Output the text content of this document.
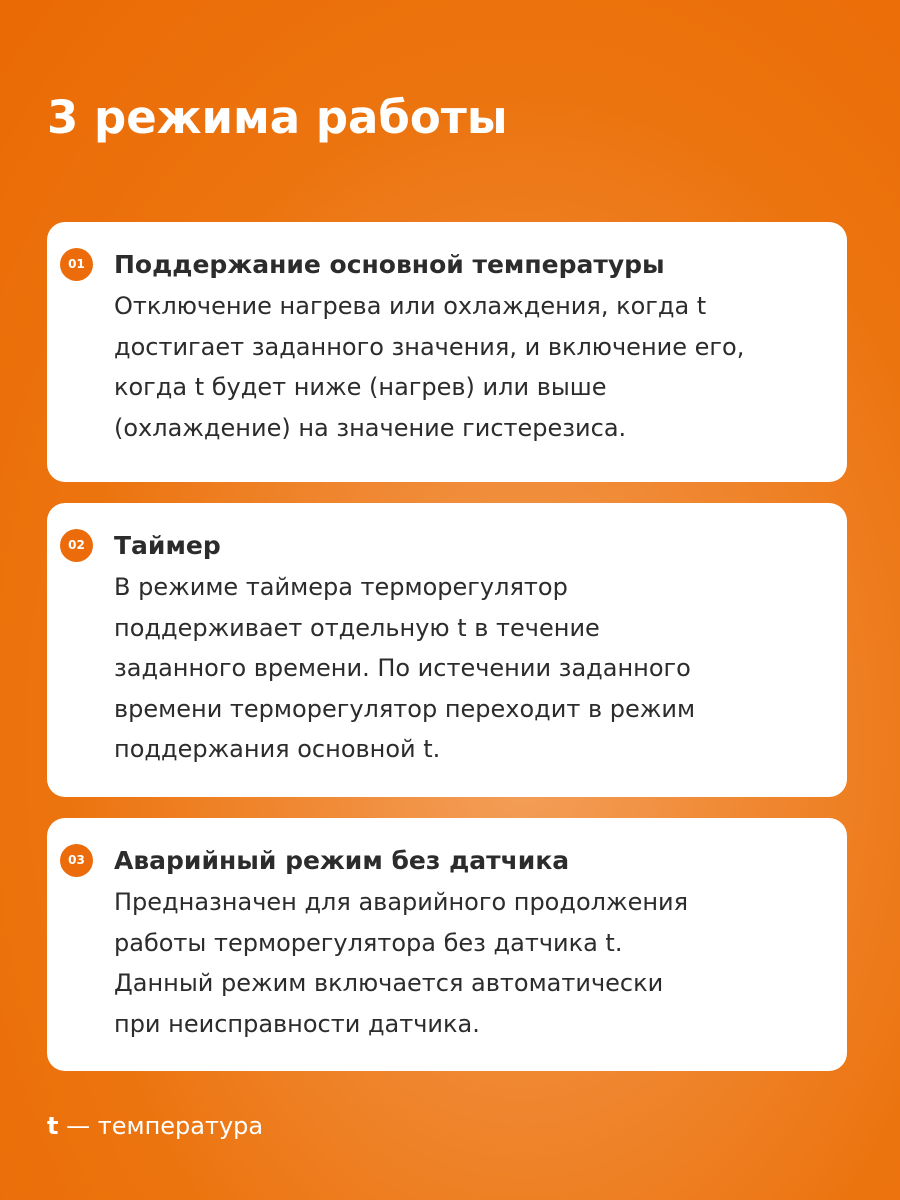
3 режима работы
01	Поддержание основной температуры

Отключение нагрева или охлаждения, когда t
достигает заданного значения, и включение его,
когда t будет ниже (нагрев) или выше
(охлаждение) на значение гистерезиса.

02	Таймер

В режиме таймера терморегулятор
поддерживает отдельную t в течение
заданного времени. По истечении заданного
времени терморегулятор переходит в режим
поддержания основной t.

03	Аварийный режим без датчика

Предназначен для аварийного продолжения
работы терморегулятора без датчика t.
Данный режим включается автоматически
при неисправности датчика.

t — температура
